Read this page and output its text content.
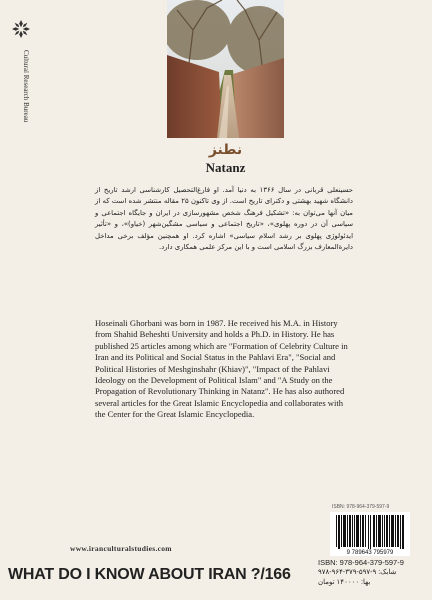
Cultural Research Bureau
نطنز
Natanz
حسینعلی قربانی در سال ۱۳۶۶ به دنیا آمد. او فارغ‌التحصیل کارشناسی ارشد تاریخ از دانشگاه شهید بهشتی و دکترای تاریخ است. از وی تاکنون ۲۵ مقاله منتشر شده است که از میان آنها می‌توان به: «تشکیل فرهنگ شخص مشهورسازی در ایران و جایگاه اجتماعی و سیاسی آن در دوره پهلوی»، «تاریخ اجتماعی و سیاسی مشگین‌شهر (خیاو)»، و «تأثیر ایدئولوژی پهلوی بر رشد اسلام سیاسی» اشاره کرد. او همچنین مؤلف برخی مداخل دایرةالمعارف بزرگ اسلامی است و با این مرکز علمی همکاری دارد.
Hoseinali Ghorbani was born in 1987. He received his M.A. in History from Shahid Beheshti University and holds a Ph.D. in History. He has published 25 articles among which are "Formation of Celebrity Culture in Iran and its Political and Social Status in the Pahlavi Era", "Social and Political Histories of Meshginshahr (Khiav)", "Impact of the Pahlavi Ideology on the Development of Political Islam" and "A Study on the Propagation of Revolutionary Thinking in Natanz". He has also authored several articles for the Great Islamic Encyclopedia and collaborates with the Center for the Great Islamic Encyclopedia.
ISBN: 978-964-379-597-9
9 789643 795979
www.iranculturalstudies.com
WHAT DO I KNOW ABOUT IRAN ?/166
ISBN: 978-964-379-597-9
شابک: ۹-۵۹۷-۳۷۹-۹۶۴-۹۷۸
بها: ۱۴۰۰۰۰ تومان
